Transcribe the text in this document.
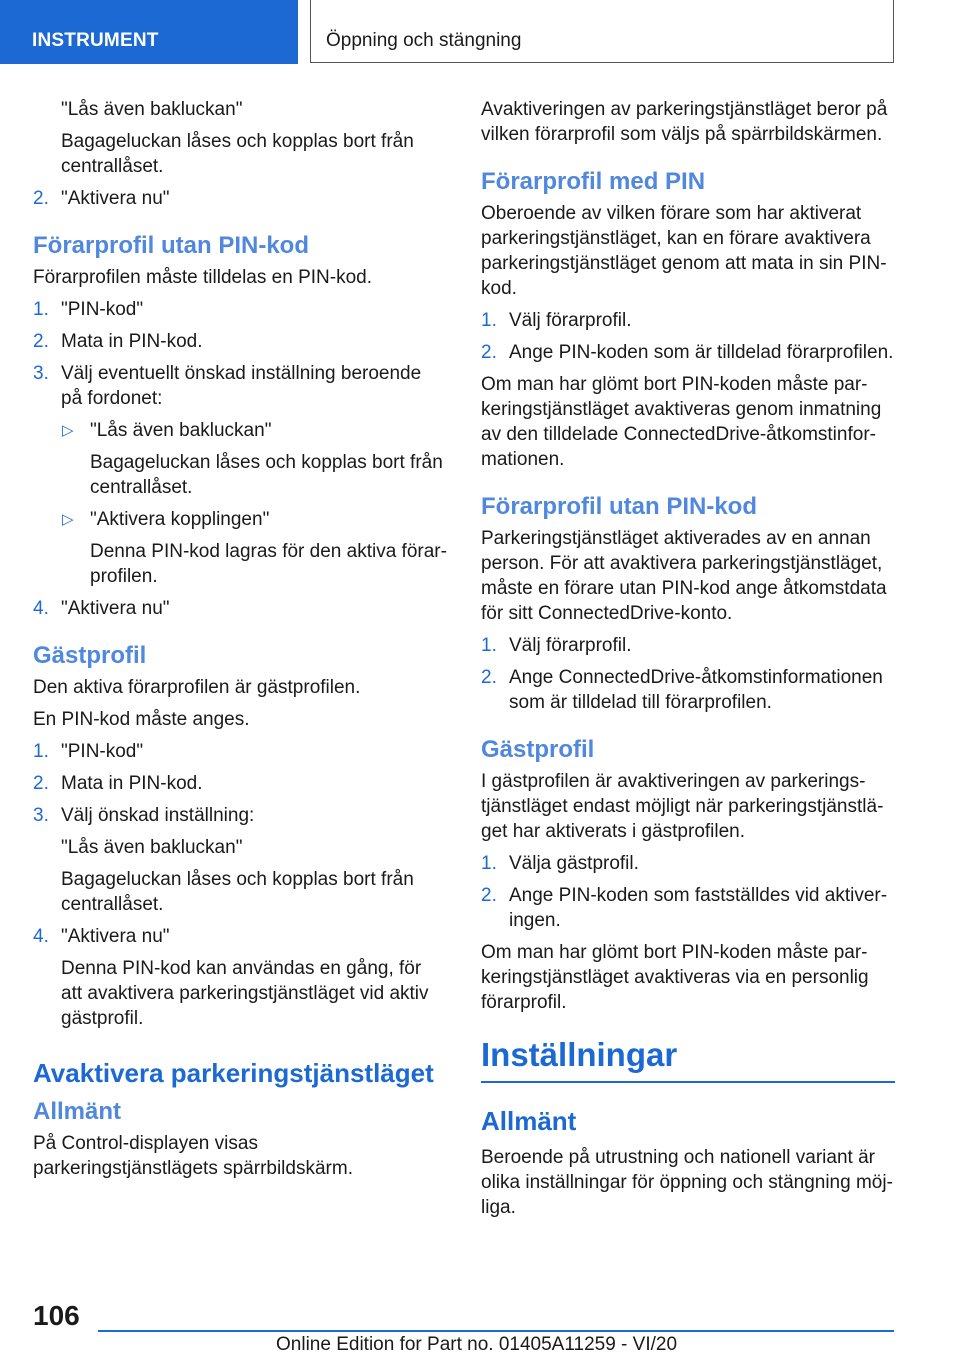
INSTRUMENT	Öppning och stängning

"Lås även bakluckan"

Bagageluckan låses och kopplas bort från centrallåset.

2. "Aktivera nu"
Förarprofil utan PIN-kod

Förarprofilen måste tilldelas en PIN-kod.

1. "PIN-kod"
2. Mata in PIN-kod.
3. Välj eventuellt önskad inställning beroende på fordonet:
▷ "Lås även bakluckan"
Bagageluckan låses och kopplas bort från centrallåset.
▷ "Aktivera kopplingen"
Denna PIN-kod lagras för den aktiva förarprofilen.
4. "Aktivera nu"
Gästprofil

Den aktiva förarprofilen är gästprofilen.

En PIN-kod måste anges.

1. "PIN-kod"
2. Mata in PIN-kod.
3. Välj önskad inställning:
"Lås även bakluckan"
Bagageluckan låses och kopplas bort från centrallåset.
4. "Aktivera nu"
Denna PIN-kod kan användas en gång, för att avaktivera parkeringstjänstläget vid aktiv gästprofil.
Avaktivera parkeringstjänstläget
Allmänt

På Control-displayen visas parkeringstjänstlägets spärrbildskärm.

Avaktiveringen av parkeringstjänstläget beror på vilken förarprofil som väljs på spärrbildskärmen.

Förarprofil med PIN

Oberoende av vilken förare som har aktiverat parkeringstjänstläget, kan en förare avaktivera parkeringstjänstläget genom att mata in sin PIN-kod.

1. Välj förarprofil.
2. Ange PIN-koden som är tilldelad förarprofilen.

Om man har glömt bort PIN-koden måste parkeringstjänstläget avaktiveras genom inmatning av den tilldelade ConnectedDrive-åtkomstinformationen.

Förarprofil utan PIN-kod

Parkeringstjänstläget aktiverades av en annan person. För att avaktivera parkeringstjänstläget, måste en förare utan PIN-kod ange åtkomstdata för sitt ConnectedDrive-konto.

1. Välj förarprofil.
2. Ange ConnectedDrive-åtkomstinformationen som är tilldelad till förarprofilen.
Gästprofil

I gästprofilen är avaktiveringen av parkeringstjänstläget endast möjligt när parkeringstjänstläget har aktiverats i gästprofilen.

1. Välja gästprofil.
2. Ange PIN-koden som fastställdes vid aktiveringen.

Om man har glömt bort PIN-koden måste parkeringstjänstläget avaktiveras via en personlig förarprofil.

Inställningar
Allmänt

Beroende på utrustning och nationell variant är olika inställningar för öppning och stängning möjliga.

106
Online Edition for Part no. 01405A11259 - VI/20
